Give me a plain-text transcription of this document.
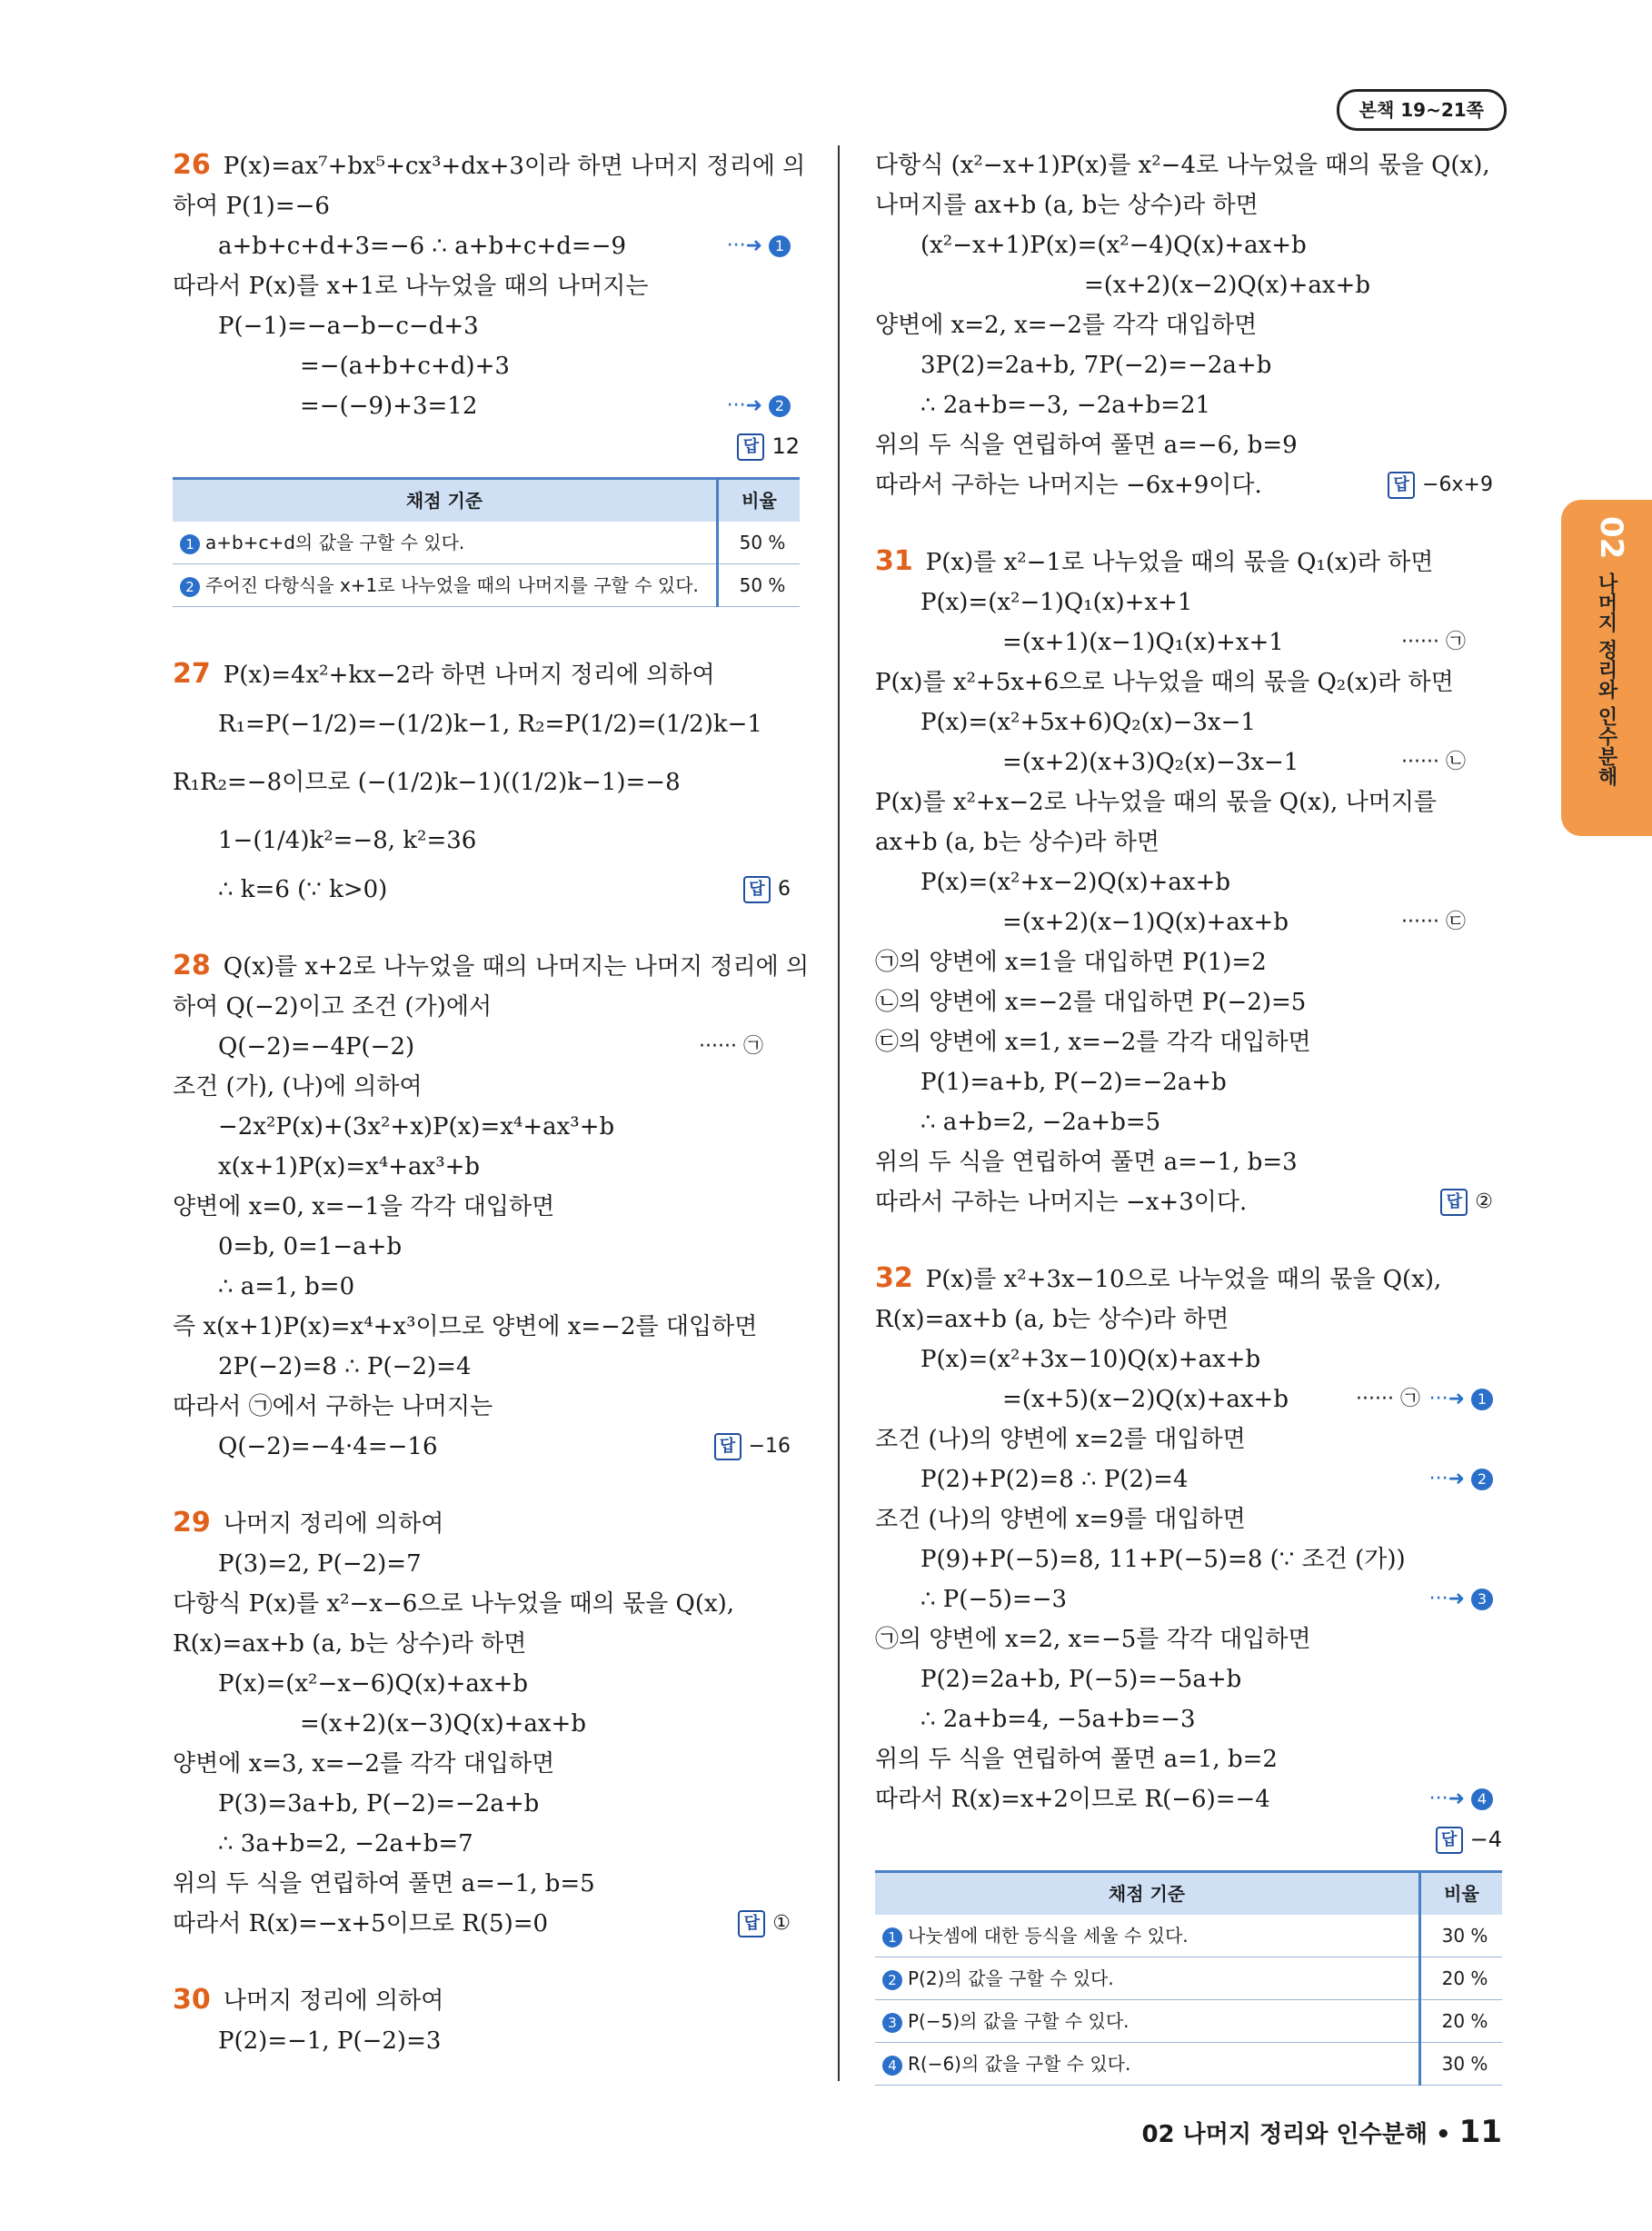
본책 19~21쪽
02
나머지 정리와 인수분해
26 P(x)=ax⁷+bx⁵+cx³+dx+3이라 하면 나머지 정리에 의
하여 P(1)=−6
a+b+c+d+3=−6 ∴ a+b+c+d=−9	···➜ 1
따라서 P(x)를 x+1로 나누었을 때의 나머지는
P(−1)=−a−b−c−d+3
=−(a+b+c+d)+3
=−(−9)+3=12	···➜ 2
답 12
채점 기준	비율
1 a+b+c+d의 값을 구할 수 있다.	50 %
2 주어진 다항식을 x+1로 나누었을 때의 나머지를 구할 수 있다.	50 %
27 P(x)=4x²+kx−2라 하면 나머지 정리에 의하여
R₁=P(−1/2)=−(1/2)k−1, R₂=P(1/2)=(1/2)k−1
R₁R₂=−8이므로 (−(1/2)k−1)((1/2)k−1)=−8
1−(1/4)k²=−8, k²=36
∴ k=6 (∵ k>0)	답 6
28 Q(x)를 x+2로 나누었을 때의 나머지는 나머지 정리에 의
하여 Q(−2)이고 조건 (가)에서
Q(−2)=−4P(−2)	······ ㉠
조건 (가), (나)에 의하여
−2x²P(x)+(3x²+x)P(x)=x⁴+ax³+b
x(x+1)P(x)=x⁴+ax³+b
양변에 x=0, x=−1을 각각 대입하면
0=b, 0=1−a+b
∴ a=1, b=0
즉 x(x+1)P(x)=x⁴+x³이므로 양변에 x=−2를 대입하면
2P(−2)=8 ∴ P(−2)=4
따라서 ㉠에서 구하는 나머지는
Q(−2)=−4·4=−16	답 −16
29 나머지 정리에 의하여
P(3)=2, P(−2)=7
다항식 P(x)를 x²−x−6으로 나누었을 때의 몫을 Q(x),
R(x)=ax+b (a, b는 상수)라 하면
P(x)=(x²−x−6)Q(x)+ax+b
=(x+2)(x−3)Q(x)+ax+b
양변에 x=3, x=−2를 각각 대입하면
P(3)=3a+b, P(−2)=−2a+b
∴ 3a+b=2, −2a+b=7
위의 두 식을 연립하여 풀면 a=−1, b=5
따라서 R(x)=−x+5이므로 R(5)=0	답 ①
30 나머지 정리에 의하여
P(2)=−1, P(−2)=3
다항식 (x²−x+1)P(x)를 x²−4로 나누었을 때의 몫을 Q(x),
나머지를 ax+b (a, b는 상수)라 하면
(x²−x+1)P(x)=(x²−4)Q(x)+ax+b
=(x+2)(x−2)Q(x)+ax+b
양변에 x=2, x=−2를 각각 대입하면
3P(2)=2a+b, 7P(−2)=−2a+b
∴ 2a+b=−3, −2a+b=21
위의 두 식을 연립하여 풀면 a=−6, b=9
따라서 구하는 나머지는 −6x+9이다.	답 −6x+9
31 P(x)를 x²−1로 나누었을 때의 몫을 Q₁(x)라 하면
P(x)=(x²−1)Q₁(x)+x+1
=(x+1)(x−1)Q₁(x)+x+1	······ ㉠
P(x)를 x²+5x+6으로 나누었을 때의 몫을 Q₂(x)라 하면
P(x)=(x²+5x+6)Q₂(x)−3x−1
=(x+2)(x+3)Q₂(x)−3x−1	······ ㉡
P(x)를 x²+x−2로 나누었을 때의 몫을 Q(x), 나머지를
ax+b (a, b는 상수)라 하면
P(x)=(x²+x−2)Q(x)+ax+b
=(x+2)(x−1)Q(x)+ax+b	······ ㉢
㉠의 양변에 x=1을 대입하면 P(1)=2
㉡의 양변에 x=−2를 대입하면 P(−2)=5
㉢의 양변에 x=1, x=−2를 각각 대입하면
P(1)=a+b, P(−2)=−2a+b
∴ a+b=2, −2a+b=5
위의 두 식을 연립하여 풀면 a=−1, b=3
따라서 구하는 나머지는 −x+3이다.	답 ②
32 P(x)를 x²+3x−10으로 나누었을 때의 몫을 Q(x),
R(x)=ax+b (a, b는 상수)라 하면
P(x)=(x²+3x−10)Q(x)+ax+b
=(x+5)(x−2)Q(x)+ax+b	······ ㉠ ···➜ 1
조건 (나)의 양변에 x=2를 대입하면
P(2)+P(2)=8 ∴ P(2)=4	···➜ 2
조건 (나)의 양변에 x=9를 대입하면
P(9)+P(−5)=8, 11+P(−5)=8 (∵ 조건 (가))
∴ P(−5)=−3	···➜ 3
㉠의 양변에 x=2, x=−5를 각각 대입하면
P(2)=2a+b, P(−5)=−5a+b
∴ 2a+b=4, −5a+b=−3
위의 두 식을 연립하여 풀면 a=1, b=2
따라서 R(x)=x+2이므로 R(−6)=−4	···➜ 4
답 −4
채점 기준	비율
1 나눗셈에 대한 등식을 세울 수 있다.	30 %
2 P(2)의 값을 구할 수 있다.	20 %
3 P(−5)의 값을 구할 수 있다.	20 %
4 R(−6)의 값을 구할 수 있다.	30 %
02 나머지 정리와 인수분해 • 11
